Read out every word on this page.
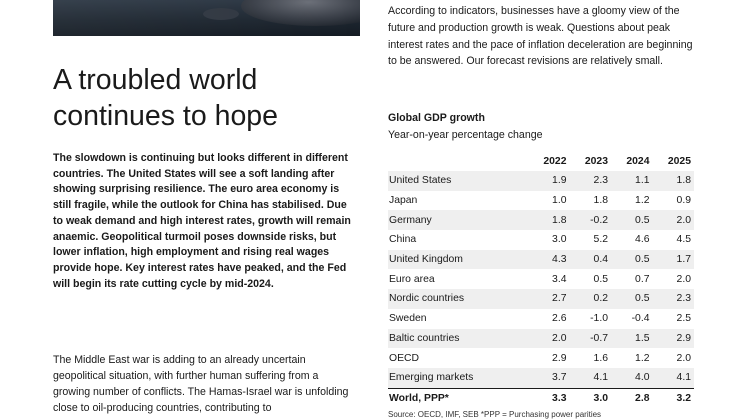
A troubled world continues to hope

The slowdown is continuing but looks different in different countries. The United States will see a soft landing after showing surprising resilience. The euro area economy is still fragile, while the outlook for China has stabilised. Due to weak demand and high interest rates, growth will remain anaemic. Geopolitical turmoil poses downside risks, but lower inflation, high employment and rising real wages provide hope. Key interest rates have peaked, and the Fed will begin its rate cutting cycle by mid-2024.

The Middle East war is adding to an already uncertain geopolitical situation, with further human suffering from a growing number of conflicts. The Hamas-Israel war is unfolding close to oil-producing countries, contributing to

According to indicators, businesses have a gloomy view of the future and production growth is weak. Questions about peak interest rates and the pace of inflation deceleration are beginning to be answered. Our forecast revisions are relatively small.

Global GDP growth
Year-on-year percentage change
	2022	2023	2024	2025
United States	1.9	2.3	1.1	1.8
Japan	1.0	1.8	1.2	0.9
Germany	1.8	-0.2	0.5	2.0
China	3.0	5.2	4.6	4.5
United Kingdom	4.3	0.4	0.5	1.7
Euro area	3.4	0.5	0.7	2.0
Nordic countries	2.7	0.2	0.5	2.3
Sweden	2.6	-1.0	-0.4	2.5
Baltic countries	2.0	-0.7	1.5	2.9
OECD	2.9	1.6	1.2	2.0
Emerging markets	3.7	4.1	4.0	4.1
World, PPP*	3.3	3.0	2.8	3.2
Source: OECD, IMF, SEB *PPP = Purchasing power parities
